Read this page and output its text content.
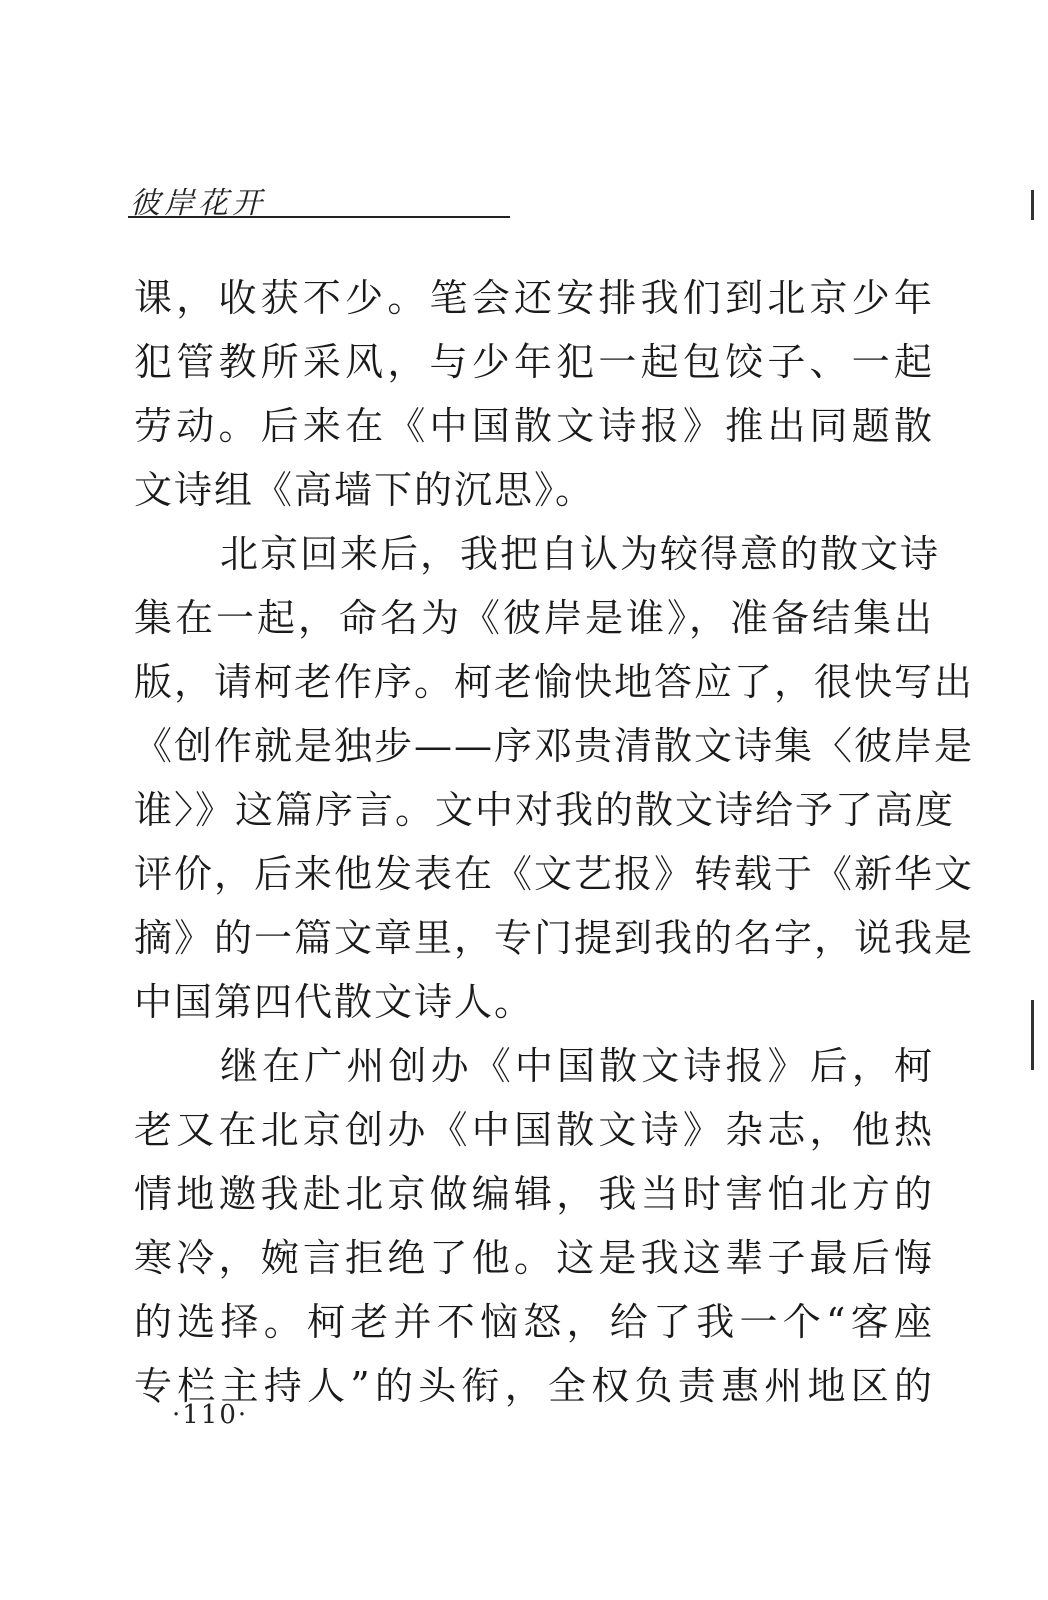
彼岸花开
课，收获不少。笔会还安排我们到北京少年
犯管教所采风，与少年犯一起包饺子、一起
劳动。后来在《中国散文诗报》推出同题散
文诗组《高墙下的沉思》。
北京回来后，我把自认为较得意的散文诗
集在一起，命名为《彼岸是谁》，准备结集出
版，请柯老作序。柯老愉快地答应了，很快写出
《创作就是独步——序邓贵清散文诗集〈彼岸是
谁〉》这篇序言。文中对我的散文诗给予了高度
评价，后来他发表在《文艺报》转载于《新华文
摘》的一篇文章里，专门提到我的名字，说我是
中国第四代散文诗人。
继在广州创办《中国散文诗报》后，柯
老又在北京创办《中国散文诗》杂志，他热
情地邀我赴北京做编辑，我当时害怕北方的
寒冷，婉言拒绝了他。这是我这辈子最后悔
的选择。柯老并不恼怒，给了我一个“客座
专栏主持人”的头衔，全权负责惠州地区的
·110·
